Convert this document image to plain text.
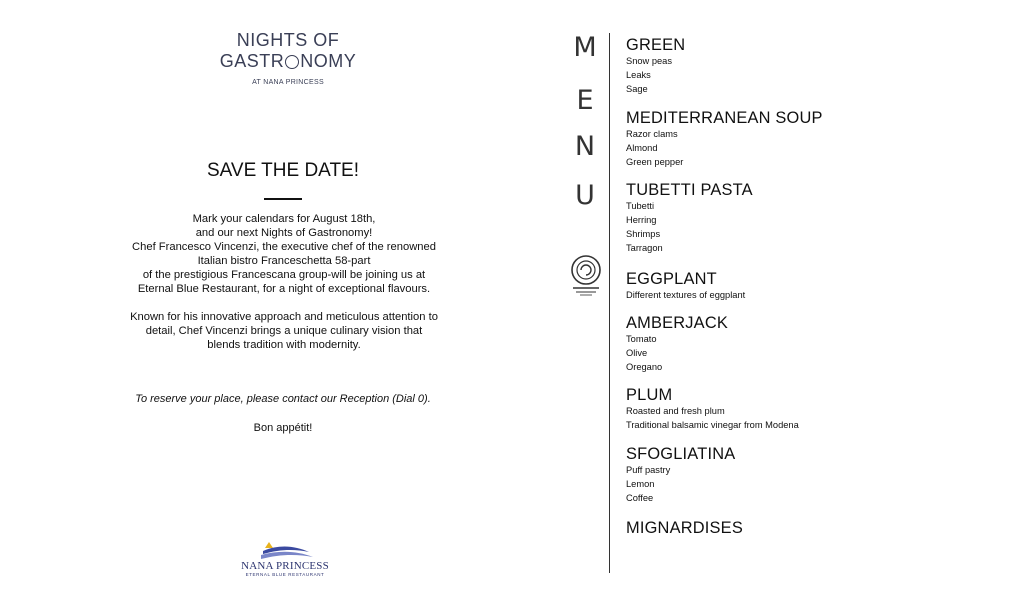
NIGHTS OF
GASTR NOMY
AT NANA PRINCESS
SAVE THE DATE!

Mark your calendars for August 18th,

and our next Nights of Gastronomy!

Chef Francesco Vincenzi, the executive chef of the renowned

Italian bistro Franceschetta 58-part

of the prestigious Francescana group-will be joining us at

Eternal Blue Restaurant, for a night of exceptional flavours.

Known for his innovative approach and meticulous attention to

detail, Chef Vincenzi brings a unique culinary vision that

blends tradition with modernity.

To reserve your place, please contact our Reception (Dial 0).
Bon appétit!
NANA PRINCESS
ETERNAL BLUE RESTAURANT
M
E
N
U
GREEN
Snow peas
Leaks
Sage
MEDITERRANEAN SOUP
Razor clams
Almond
Green pepper
TUBETTI PASTA
Tubetti
Herring
Shrimps
Tarragon
EGGPLANT
Different textures of eggplant
AMBERJACK
Tomato
Olive
Oregano
PLUM
Roasted and fresh plum
Traditional balsamic vinegar from Modena
SFOGLIATINA
Puff pastry
Lemon
Coffee
MIGNARDISES
